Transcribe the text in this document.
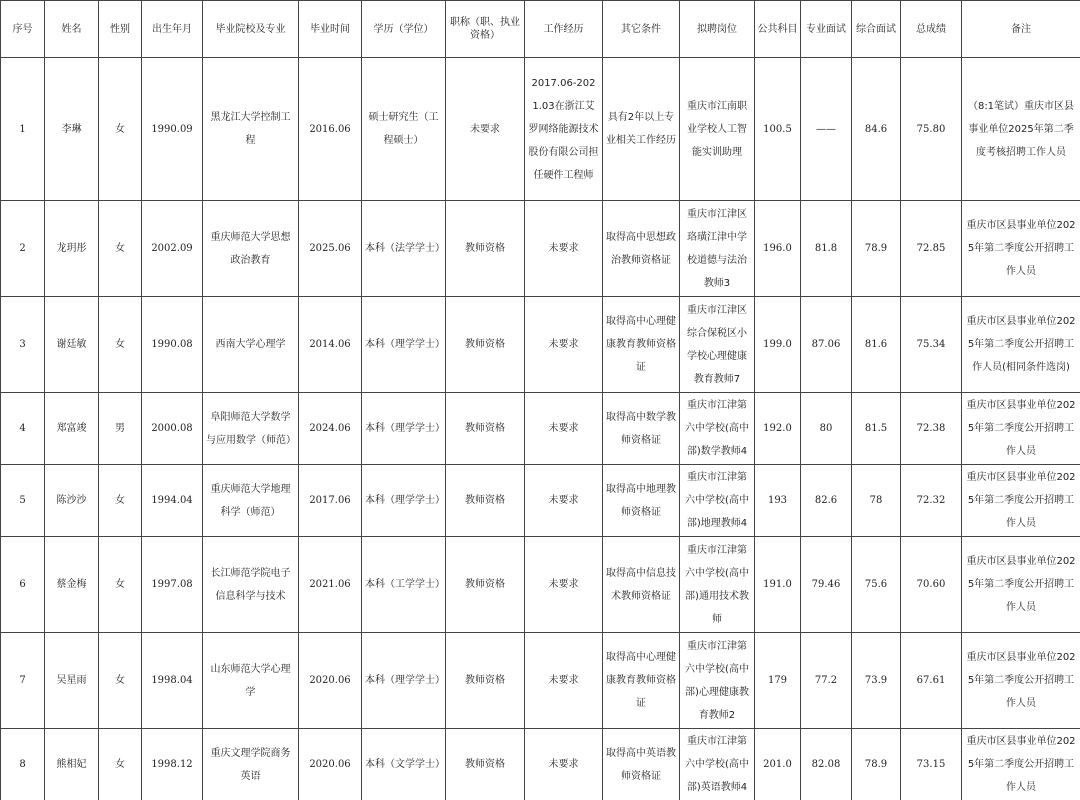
序号	姓名	性别	出生年月	毕业院校及专业	毕业时间	学历（学位）	职称（职、执业资格）	工作经历	其它条件	拟聘岗位	公共科目	专业面试	综合面试	总成绩	备注
1	李琳	女	1990.09	黑龙江大学控制工程	2016.06	硕士研究生（工程硕士）	未要求	2017.06-2021.03在浙江艾罗网络能源技术股份有限公司担任硬件工程师	具有2年以上专业相关工作经历	重庆市江南职业学校人工智能实训助理	100.5	——	84.6	75.80	（8:1笔试）重庆市区县事业单位2025年第二季度考核招聘工作人员
2	龙玥彤	女	2002.09	重庆师范大学思想政治教育	2025.06	本科（法学学士）	教师资格	未要求	取得高中思想政治教师资格证	重庆市江津区珞璜江津中学校道德与法治教师3	196.0	81.8	78.9	72.85	重庆市区县事业单位2025年第二季度公开招聘工作人员
3	谢廷敏	女	1990.08	西南大学心理学	2014.06	本科（理学学士）	教师资格	未要求	取得高中心理健康教育教师资格证	重庆市江津区综合保税区小学校心理健康教育教师7	199.0	87.06	81.6	75.34	重庆市区县事业单位2025年第二季度公开招聘工作人员(相同条件选岗)
4	郑富竣	男	2000.08	阜阳师范大学数学与应用数学（师范）	2024.06	本科（理学学士）	教师资格	未要求	取得高中数学教师资格证	重庆市江津第六中学校(高中部)数学教师4	192.0	80	81.5	72.38	重庆市区县事业单位2025年第二季度公开招聘工作人员
5	陈沙沙	女	1994.04	重庆师范大学地理科学（师范）	2017.06	本科（理学学士）	教师资格	未要求	取得高中地理教师资格证	重庆市江津第六中学校(高中部)地理教师4	193	82.6	78	72.32	重庆市区县事业单位2025年第二季度公开招聘工作人员
6	蔡金梅	女	1997.08	长江师范学院电子信息科学与技术	2021.06	本科（工学学士）	教师资格	未要求	取得高中信息技术教师资格证	重庆市江津第六中学校(高中部)通用技术教师	191.0	79.46	75.6	70.60	重庆市区县事业单位2025年第二季度公开招聘工作人员
7	吴星雨	女	1998.04	山东师范大学心理学	2020.06	本科（理学学士）	教师资格	未要求	取得高中心理健康教育教师资格证	重庆市江津第六中学校(高中部)心理健康教育教师2	179	77.2	73.9	67.61	重庆市区县事业单位2025年第二季度公开招聘工作人员
8	熊相妃	女	1998.12	重庆文理学院商务英语	2020.06	本科（文学学士）	教师资格	未要求	取得高中英语教师资格证	重庆市江津第六中学校(高中部)英语教师4	201.0	82.08	78.9	73.15	重庆市区县事业单位2025年第二季度公开招聘工作人员
